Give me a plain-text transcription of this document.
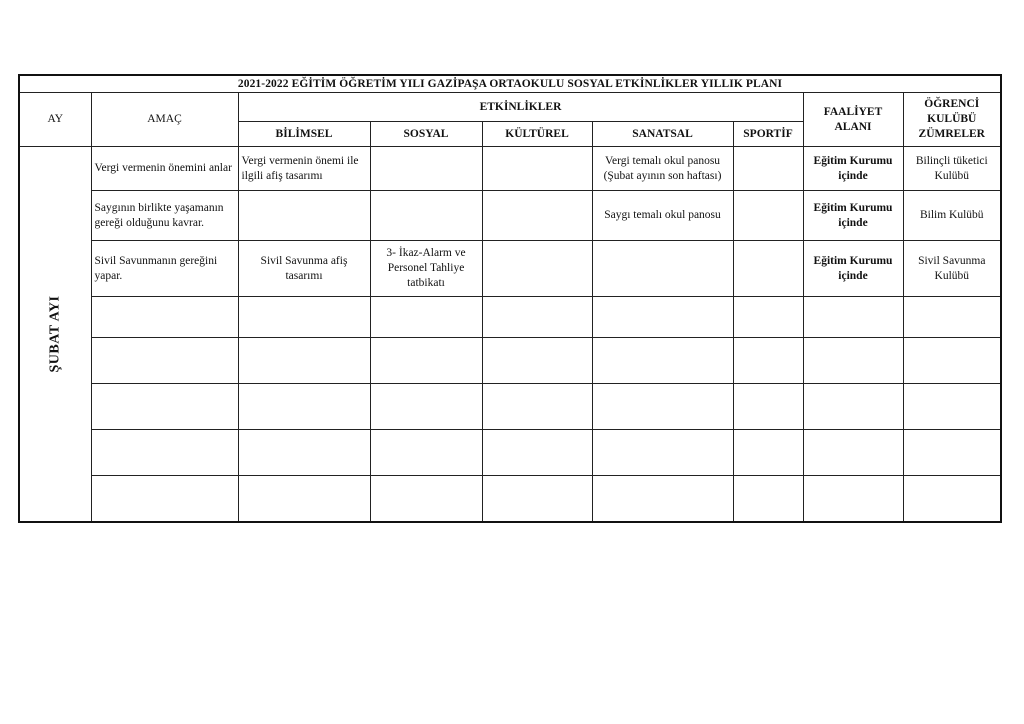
2021-2022 EĞİTİM ÖĞRETİM YILI GAZİPAŞA ORTAOKULU SOSYAL ETKİNLİKLER YILLIK PLANI								
AY	AMAÇ	ETKİNLİKLER					FAALİYET ALANI	ÖĞRENCİ KULÜBÜ ZÜMRELER
		BİLİMSEL	SOSYAL	KÜLTÜREL	SANATSAL	SPORTİF		

ŞUBAT AYI	Vergi vermenin önemini anlar	Vergi vermenin önemi ile ilgili afiş tasarımı			Vergi temalı okul panosu (Şubat ayının son haftası)		Eğitim Kurumu içinde	Bilinçli tüketici Kulübü
	Saygının birlikte yaşamanın gereği olduğunu kavrar.				Saygı temalı okul panosu		Eğitim Kurumu içinde	Bilim Kulübü
	Sivil Savunmanın gereğini yapar.	Sivil Savunma afiş tasarımı	3- İkaz-Alarm ve Personel Tahliye tatbikatı				Eğitim Kurumu içinde	Sivil Savunma Kulübü
